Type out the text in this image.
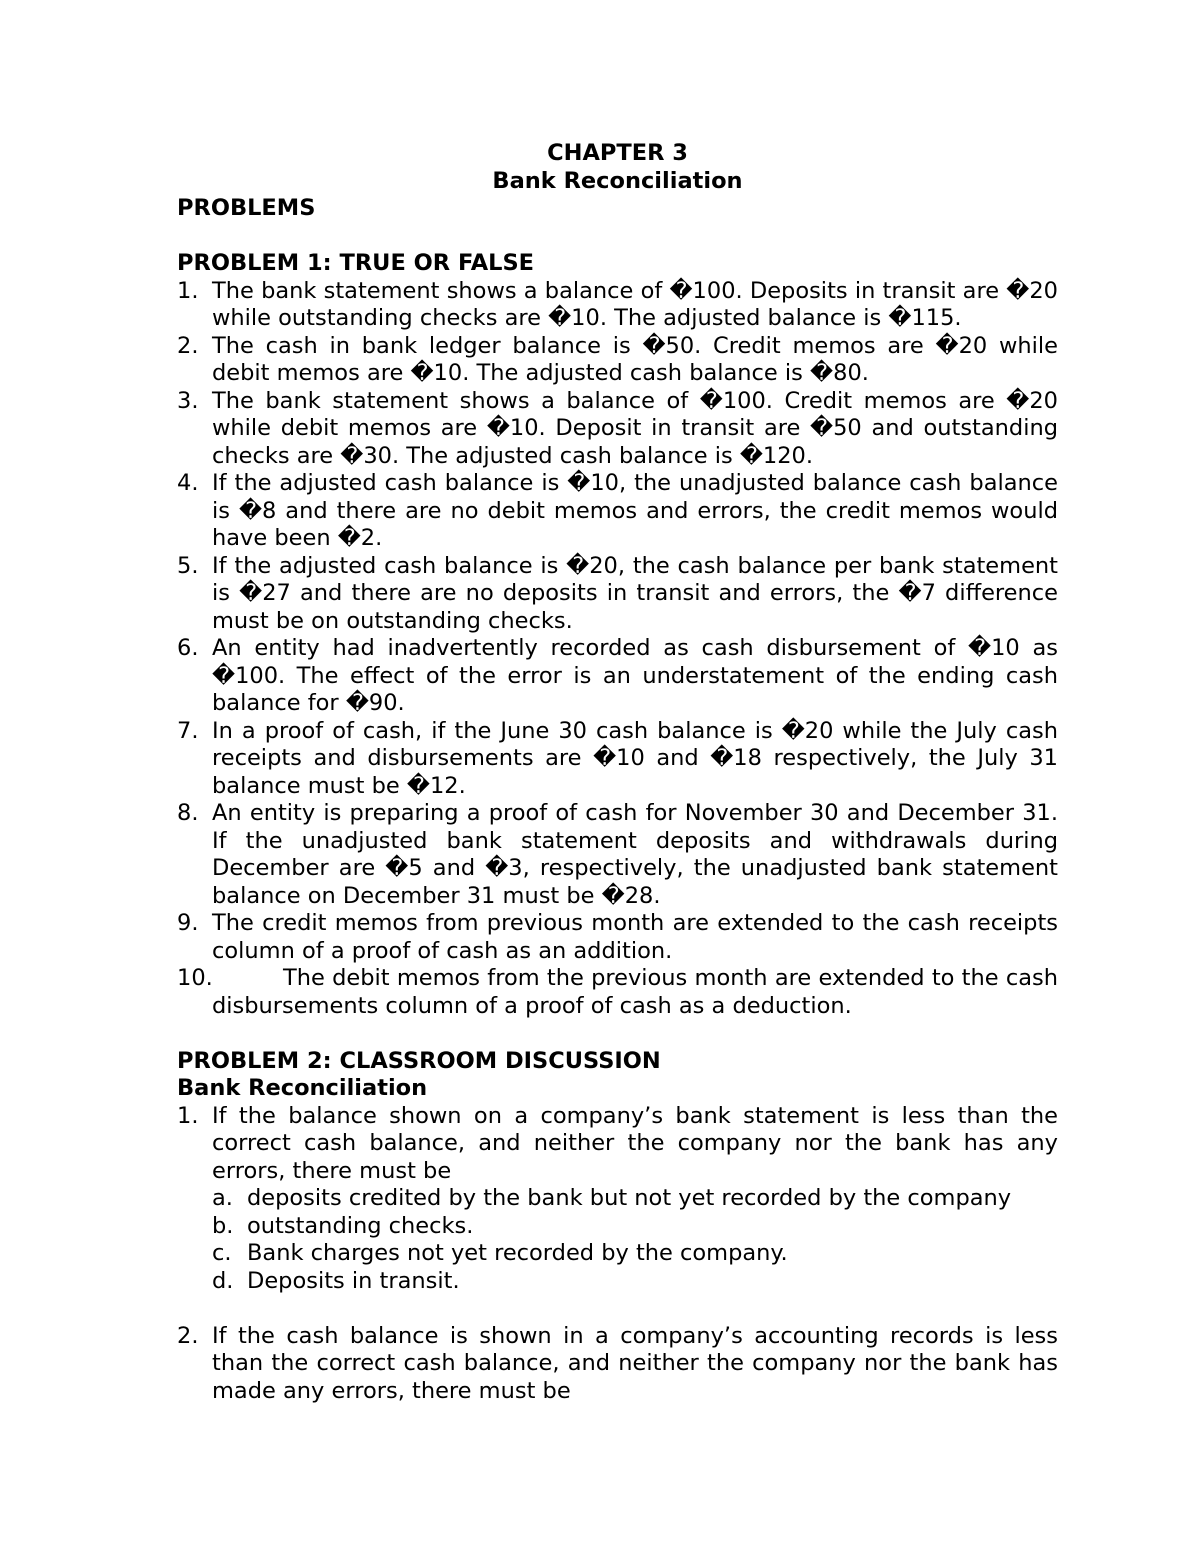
CHAPTER 3
Bank Reconciliation
PROBLEMS
PROBLEM 1: TRUE OR FALSE
1. The bank statement shows a balance of �100. Deposits in transit are �20 while outstanding checks are �10. The adjusted balance is �115.
2. The cash in bank ledger balance is �50. Credit memos are �20 while debit memos are �10. The adjusted cash balance is �80.
3. The bank statement shows a balance of �100. Credit memos are �20 while debit memos are �10. Deposit in transit are �50 and outstanding checks are �30. The adjusted cash balance is �120.
4. If the adjusted cash balance is �10, the unadjusted balance cash balance is �8 and there are no debit memos and errors, the credit memos would have been �2.
5. If the adjusted cash balance is �20, the cash balance per bank statement is �27 and there are no deposits in transit and errors, the �7 difference must be on outstanding checks.
6. An entity had inadvertently recorded as cash disbursement of �10 as �100. The effect of the error is an understatement of the ending cash balance for �90.
7. In a proof of cash, if the June 30 cash balance is �20 while the July cash receipts and disbursements are �10 and �18 respectively, the July 31 balance must be �12.
8. An entity is preparing a proof of cash for November 30 and December 31. If the unadjusted bank statement deposits and withdrawals during December are �5 and �3, respectively, the unadjusted bank statement balance on December 31 must be �28.
9. The credit memos from previous month are extended to the cash receipts column of a proof of cash as an addition.
10.	The debit memos from the previous month are extended to the cash disbursements column of a proof of cash as a deduction.
PROBLEM 2: CLASSROOM DISCUSSION
Bank Reconciliation
1. If the balance shown on a company’s bank statement is less than the correct cash balance, and neither the company nor the bank has any errors, there must be
a. deposits credited by the bank but not yet recorded by the company
b. outstanding checks.
c. Bank charges not yet recorded by the company.
d. Deposits in transit.
2. If the cash balance is shown in a company’s accounting records is less than the correct cash balance, and neither the company nor the bank has made any errors, there must be
